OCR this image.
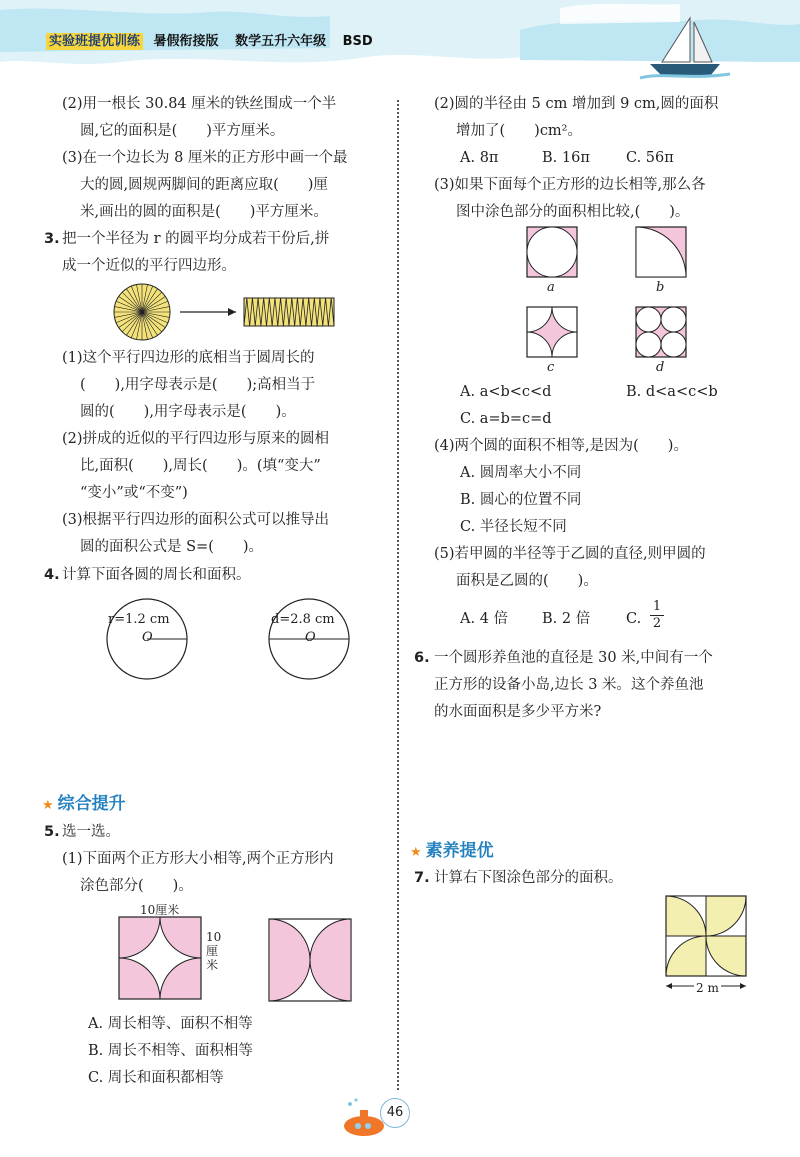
实验班提优训练 暑假衔接版 数学五升六年级 BSD
(2)用一根长 30.84 厘米的铁丝围成一个半
圆,它的面积是(　　)平方厘米。
(3)在一个边长为 8 厘米的正方形中画一个最
大的圆,圆规两脚间的距离应取(　　)厘
米,画出的圆的面积是(　　)平方厘米。
3. 把一个半径为 r 的圆平均分成若干份后,拼
成一个近似的平行四边形。
(1)这个平行四边形的底相当于圆周长的
(　　),用字母表示是(　　);高相当于
圆的(　　),用字母表示是(　　)。
(2)拼成的近似的平行四边形与原来的圆相
比,面积(　　),周长(　　)。(填“变大”
“变小”或“不变”)
(3)根据平行四边形的面积公式可以推导出
圆的面积公式是 S=(　　)。
4. 计算下面各圆的周长和面积。
r=1.2 cm
O
d=2.8 cm
O
★ 综合提升
5. 选一选。
(1)下面两个正方形大小相等,两个正方形内
涂色部分(　　)。
10厘米
10厘米
A. 周长相等、面积不相等
B. 周长不相等、面积相等
C. 周长和面积都相等
(2)圆的半径由 5 cm 增加到 9 cm,圆的面积
增加了(　　)cm²。
A. 8π	B. 16π C. 56π
(3)如果下面每个正方形的边长相等,那么各
图中涂色部分的面积相比较,(　　)。
a	b
c	d
A. a<b<c<d	B. d<a<c<b
C. a=b=c=d
(4)两个圆的面积不相等,是因为(　　)。
A. 圆周率大小不同
B. 圆心的位置不同
C. 半径长短不同
(5)若甲圆的半径等于乙圆的直径,则甲圆的
面积是乙圆的(　　)。
A. 4 倍 B. 2 倍 C. $\frac{1}{2}$
6. 一个圆形养鱼池的直径是 30 米,中间有一个
正方形的设备小岛,边长 3 米。这个养鱼池
的水面面积是多少平方米?
★ 素养提优
7. 计算右下图涂色部分的面积。
2 m
46
